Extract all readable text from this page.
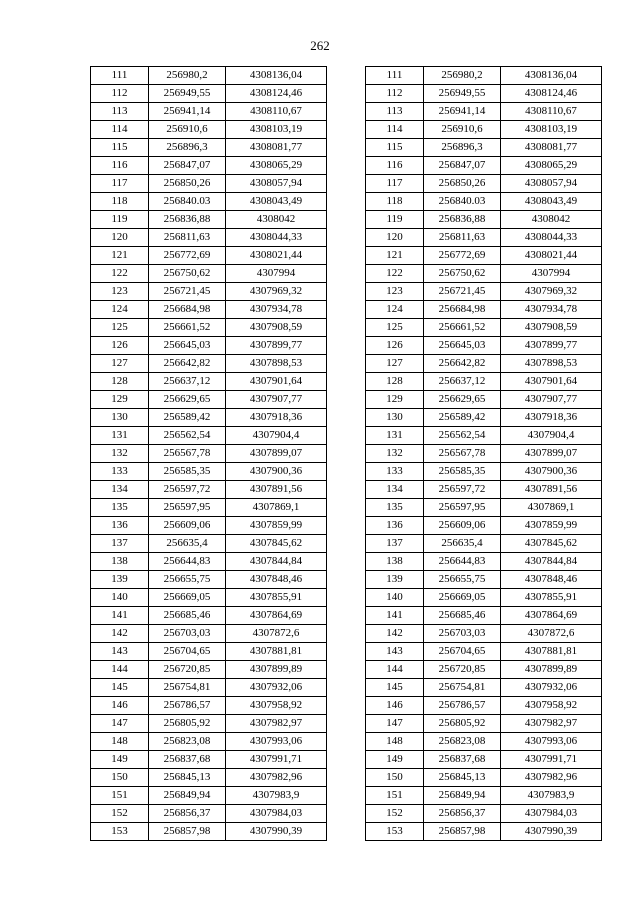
262
111	256980,2	4308136,04
112	256949,55	4308124,46
113	256941,14	4308110,67
114	256910,6	4308103,19
115	256896,3	4308081,77
116	256847,07	4308065,29
117	256850,26	4308057,94
118	256840.03	4308043,49
119	256836,88	4308042
120	256811,63	4308044,33
121	256772,69	4308021,44
122	256750,62	4307994
123	256721,45	4307969,32
124	256684,98	4307934,78
125	256661,52	4307908,59
126	256645,03	4307899,77
127	256642,82	4307898,53
128	256637,12	4307901,64
129	256629,65	4307907,77
130	256589,42	4307918,36
131	256562,54	4307904,4
132	256567,78	4307899,07
133	256585,35	4307900,36
134	256597,72	4307891,56
135	256597,95	4307869,1
136	256609,06	4307859,99
137	256635,4	4307845,62
138	256644,83	4307844,84
139	256655,75	4307848,46
140	256669,05	4307855,91
141	256685,46	4307864,69
142	256703,03	4307872,6
143	256704,65	4307881,81
144	256720,85	4307899,89
145	256754,81	4307932,06
146	256786,57	4307958,92
147	256805,92	4307982,97
148	256823,08	4307993,06
149	256837,68	4307991,71
150	256845,13	4307982,96
151	256849,94	4307983,9
152	256856,37	4307984,03
153	256857,98	4307990,39
111	256980,2	4308136,04
112	256949,55	4308124,46
113	256941,14	4308110,67
114	256910,6	4308103,19
115	256896,3	4308081,77
116	256847,07	4308065,29
117	256850,26	4308057,94
118	256840.03	4308043,49
119	256836,88	4308042
120	256811,63	4308044,33
121	256772,69	4308021,44
122	256750,62	4307994
123	256721,45	4307969,32
124	256684,98	4307934,78
125	256661,52	4307908,59
126	256645,03	4307899,77
127	256642,82	4307898,53
128	256637,12	4307901,64
129	256629,65	4307907,77
130	256589,42	4307918,36
131	256562,54	4307904,4
132	256567,78	4307899,07
133	256585,35	4307900,36
134	256597,72	4307891,56
135	256597,95	4307869,1
136	256609,06	4307859,99
137	256635,4	4307845,62
138	256644,83	4307844,84
139	256655,75	4307848,46
140	256669,05	4307855,91
141	256685,46	4307864,69
142	256703,03	4307872,6
143	256704,65	4307881,81
144	256720,85	4307899,89
145	256754,81	4307932,06
146	256786,57	4307958,92
147	256805,92	4307982,97
148	256823,08	4307993,06
149	256837,68	4307991,71
150	256845,13	4307982,96
151	256849,94	4307983,9
152	256856,37	4307984,03
153	256857,98	4307990,39
